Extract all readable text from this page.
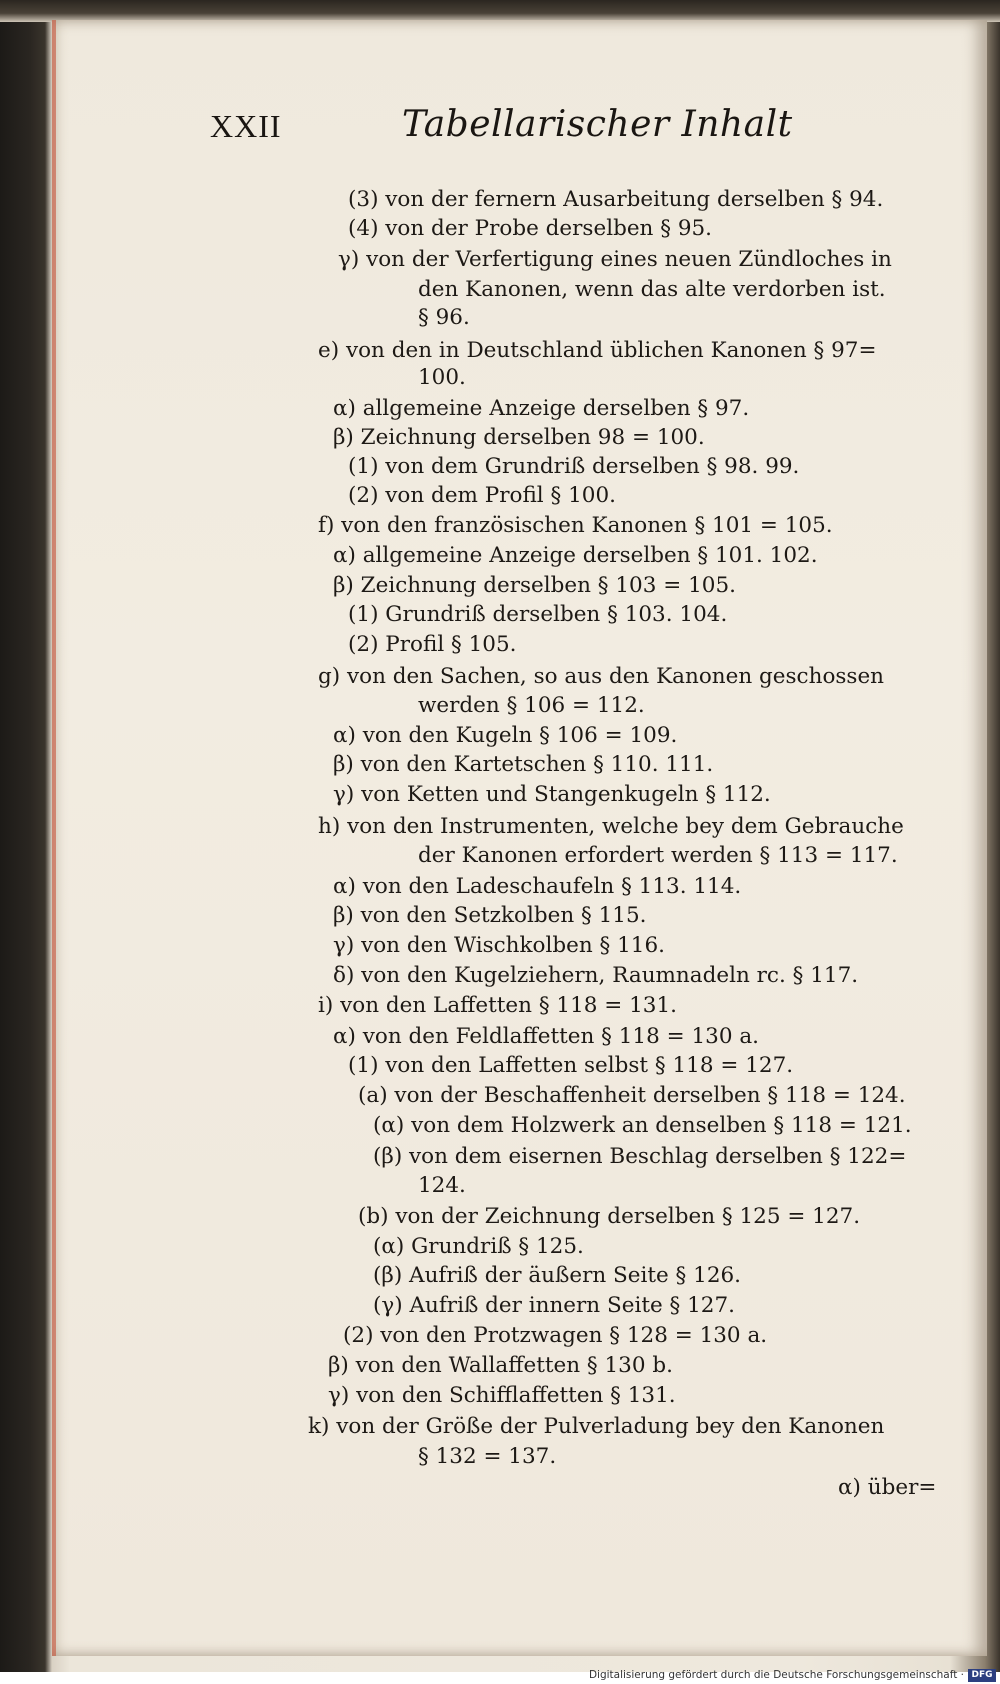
XXII	Tabellarischer Inhalt
(3) von der fernern Ausarbeitung derselben § 94.
(4) von der Probe derselben § 95.
γ) von der Verfertigung eines neuen Zündloches in
den Kanonen, wenn das alte verdorben ist.
§ 96.
e) von den in Deutschland üblichen Kanonen § 97=
100.
α) allgemeine Anzeige derselben § 97.
β) Zeichnung derselben 98 = 100.
(1) von dem Grundriß derselben § 98. 99.
(2) von dem Profil § 100.
f) von den französischen Kanonen § 101 = 105.
α) allgemeine Anzeige derselben § 101. 102.
β) Zeichnung derselben § 103 = 105.
(1) Grundriß derselben § 103. 104.
(2) Profil § 105.
g) von den Sachen, so aus den Kanonen geschossen
werden § 106 = 112.
α) von den Kugeln § 106 = 109.
β) von den Kartetschen § 110. 111.
γ) von Ketten und Stangenkugeln § 112.
h) von den Instrumenten, welche bey dem Gebrauche
der Kanonen erfordert werden § 113 = 117.
α) von den Ladeschaufeln § 113. 114.
β) von den Setzkolben § 115.
γ) von den Wischkolben § 116.
δ) von den Kugelziehern, Raumnadeln rc. § 117.
i) von den Laffetten § 118 = 131.
α) von den Feldlaffetten § 118 = 130 a.
(1) von den Laffetten selbst § 118 = 127.
(a) von der Beschaffenheit derselben § 118 = 124.
(α) von dem Holzwerk an denselben § 118 = 121.
(β) von dem eisernen Beschlag derselben § 122=
124.
(b) von der Zeichnung derselben § 125 = 127.
(α) Grundriß § 125.
(β) Aufriß der äußern Seite § 126.
(γ) Aufriß der innern Seite § 127.
(2) von den Protzwagen § 128 = 130 a.
β) von den Wallaffetten § 130 b.
γ) von den Schifflaffetten § 131.
k) von der Größe der Pulverladung bey den Kanonen
§ 132 = 137.
α) über=
Digitalisierung gefördert durch die Deutsche Forschungsgemeinschaft · DFG
